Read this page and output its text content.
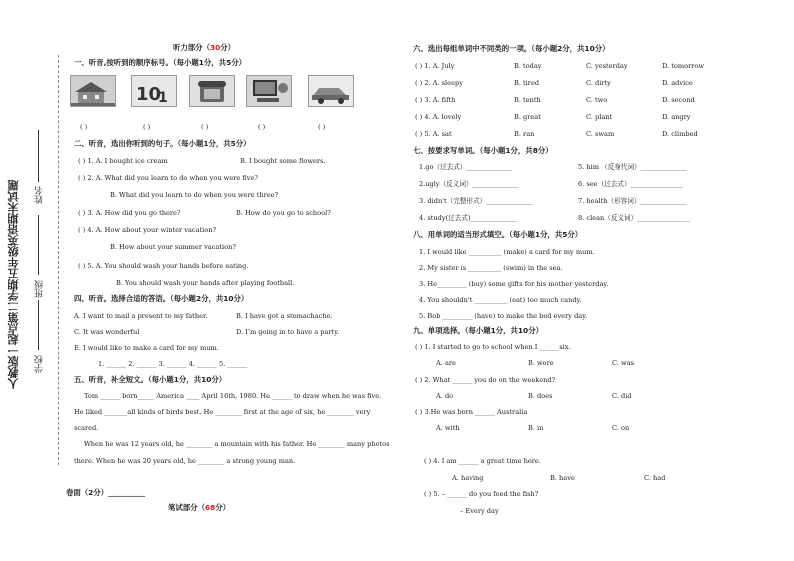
人教版一起点第二学期五年级英语期末试题 姓名
班级
学校
听力部分（30分）
一、听音,按听到的顺序标号。（每小题1分，共5分）
10
1
( )	( )	( )	( )	( )
二、听音，选出你听到的句子。（每小题1分，共5分）
( ) 1. A. I bought ice cream	B. I bought some flowers.
( ) 2. A. What did you learn to do when you were five?
B. What did you learn to do when you were three?
( ) 3. A. How did you go there?	B. How do you go to school?
( ) 4. A. How about your winter vacation?
B. How about your summer vacation?
( ) 5. A. You should wash your hands before eating.
B. You should wash your hands after playing football.
四、听音。选择合适的答语。（每小题2分，共10分）
A. I want to mail a present to my father.	B. I have got a stomachache.
C. It was wonderful	D. I’m going in to have a party.
E. I would like to make a card for my mum.
1. ______ 2. ______ 3. ______ 4. ______ 5. ______
五、听音，补全短文。（每小题1分，共10分）
Tom ______ born_____ America ____ April 16th, 1980. He ______ to draw when he was five.
He liked _______all kinds of birds best. He ________ first at the age of six, he ________ very
scared.
When he was 12 years old, he ________ a mountain with his father. He ________ many photos
there. When he was 20 years old, he ________ a strong young man.
卷面（2分）__________
笔试部分（68分）
六、选出每组单词中不同类的一项。（每小题2分，共10分）
( ) 1. A. July	B. today	C. yesterday	D. tomorrow
( ) 2. A. sleepy	B. tired	C. dirty	D. advice
( ) 3. A. fifth	B. tenth	C. two	D. second
( ) 4. A. lovely	B. great	C. plant	D. angry
( ) 5. A. sat	B. ran	C. swam	D. climbed
七、按要求写单词。（每小题1分，共8分）
1.go（过去式）______________	5. him （反身代词）______________
2.ugly（反义词）______________	6. see（过去式）________________
3. didn't（完整形式）______________	7. health（形容词）______________
4. study(过去式)______________	8. clean（反义词）________________
八、用单词的适当形式填空。（每小题1分，共5分）
1. I would like __________ (make) a card for my mum.
2. My sister is __________ (swim) in the sea.
3. He_________ (buy) some gifts for his mother yesterday.
4. You shouldn't __________ (eat) too much candy.
5. Bob _________ (have) to make the bed every day.
九、单项选择。（每小题1分，共10分）
( ) 1. I started to go to school when I ______six.
A. are	B. were	C. was
( ) 2. What ______ you do on the weekend?
A. do	B. does	C. did
( ) 3.He was born ______ Australia
A. with	B. in	C. on
( ) 4. I am ______ a great time here.
A. having	B. have	C. had
( ) 5. – ______ do you feed the fish?
– Every day
